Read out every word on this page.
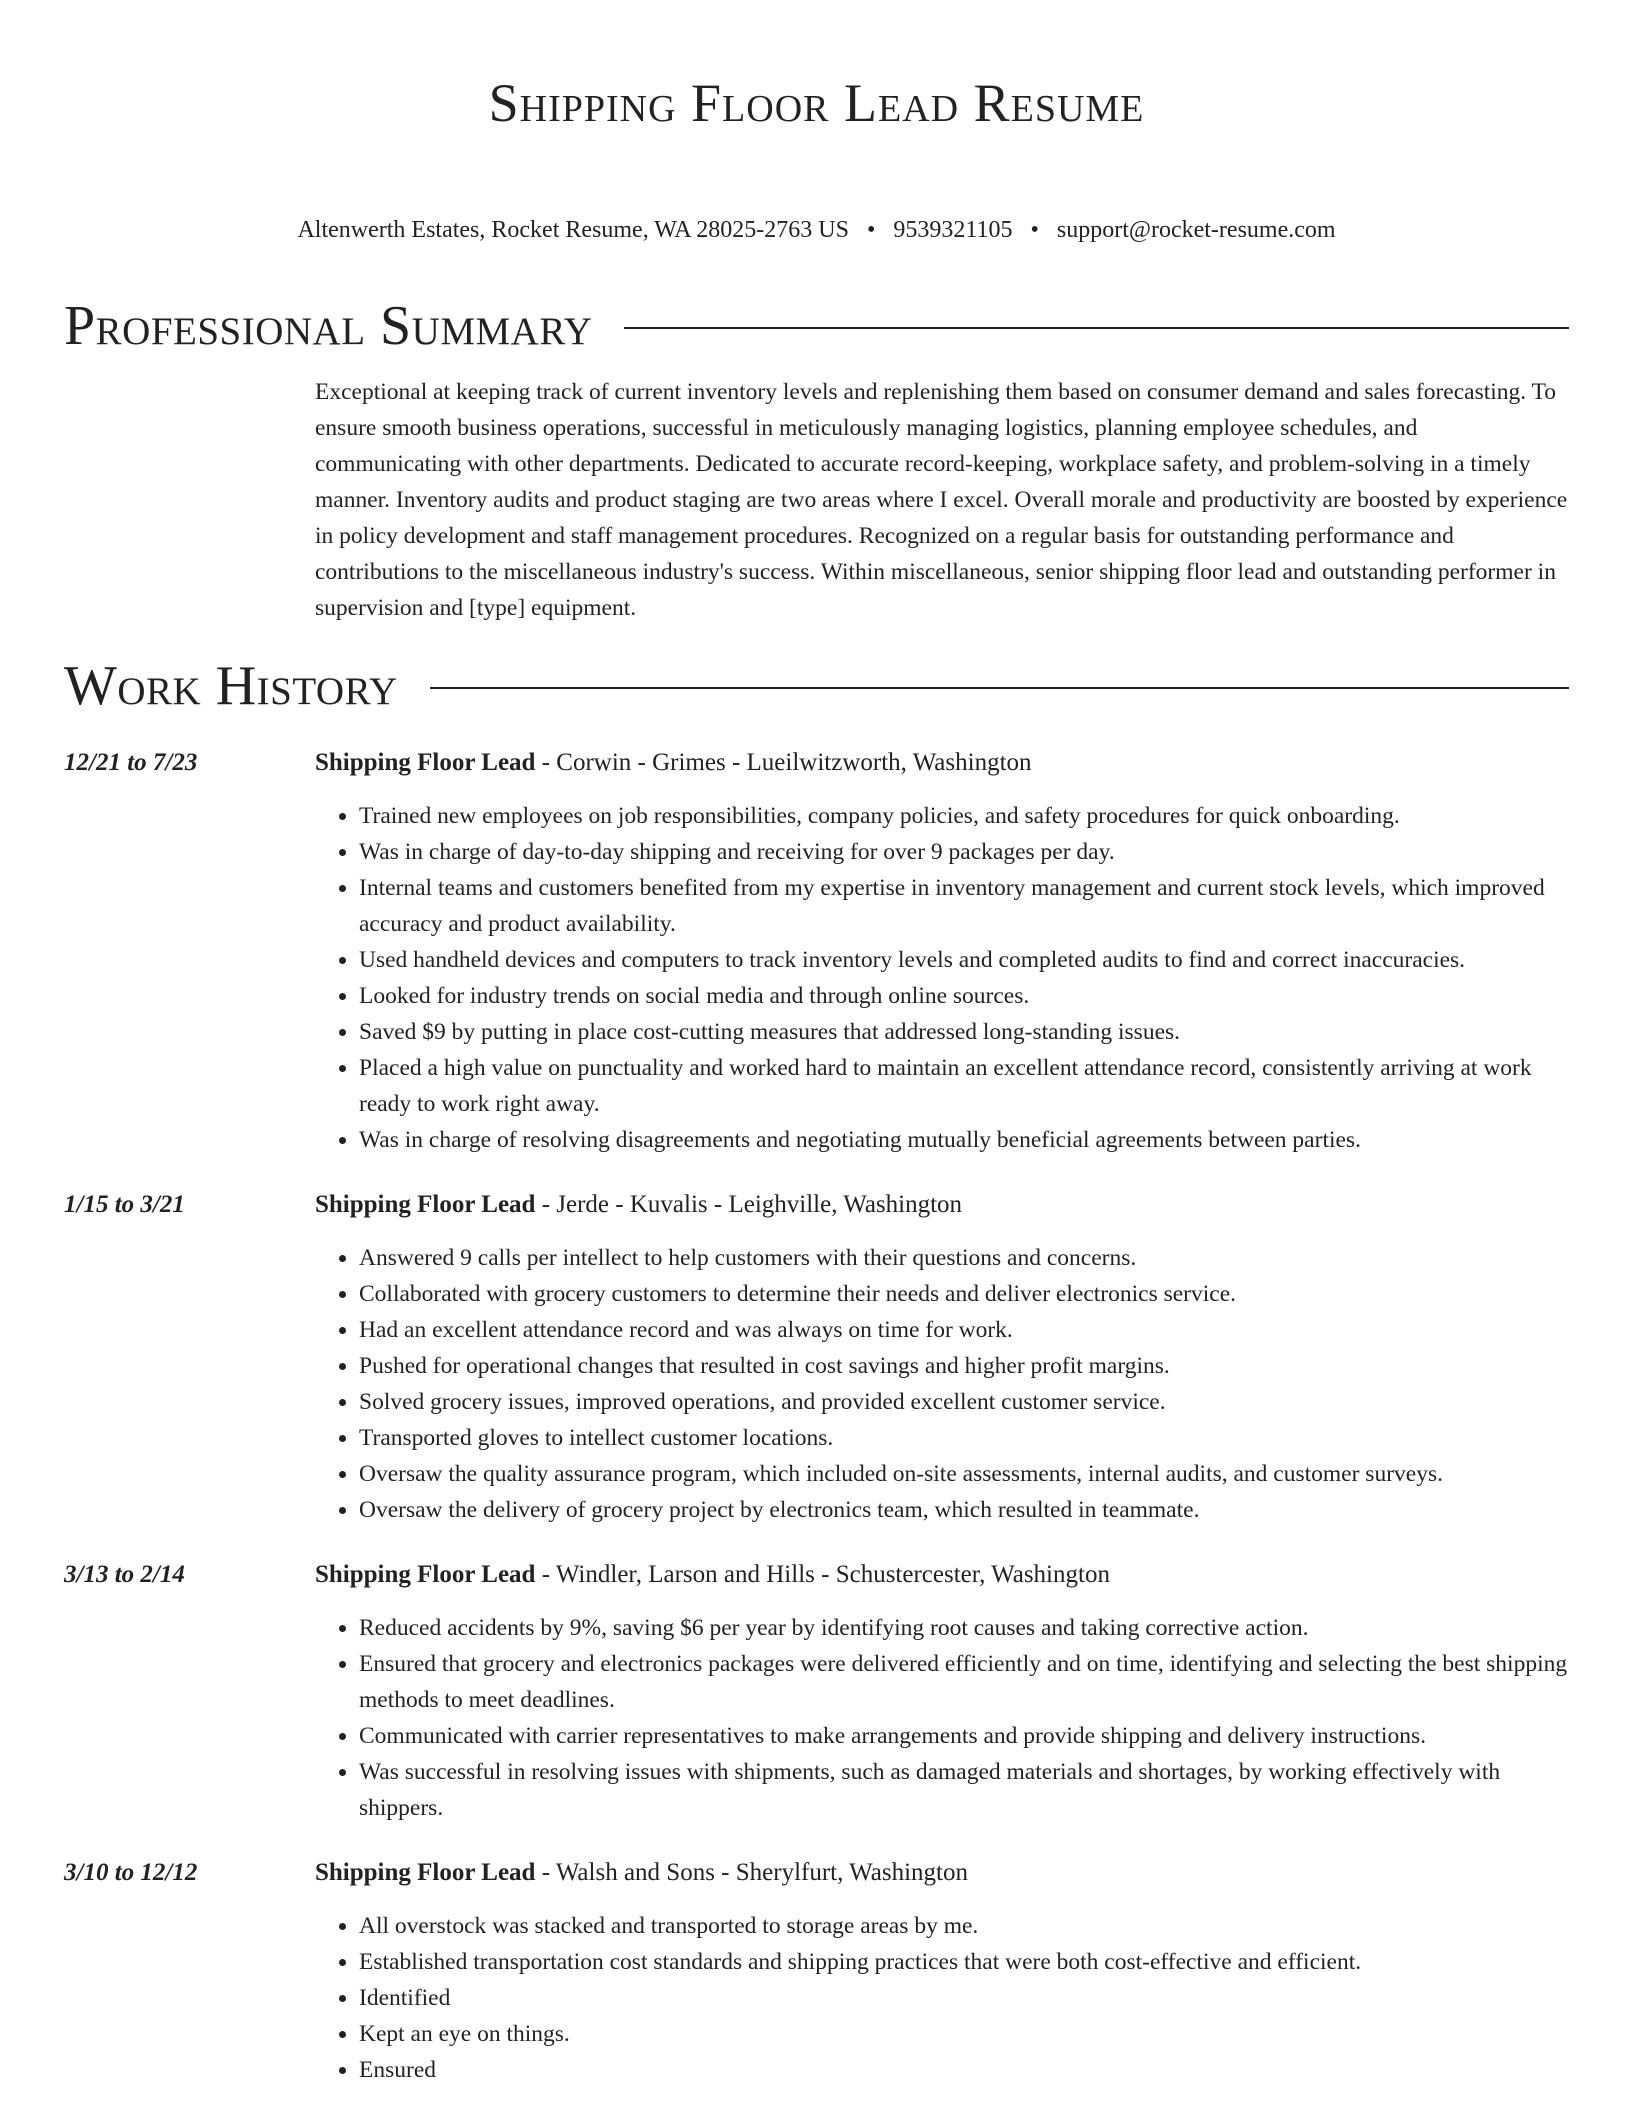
Shipping Floor Lead Resume
Altenwerth Estates, Rocket Resume, WA 28025-2763 US • 9539321105 • support@rocket-resume.com
Professional Summary
Exceptional at keeping track of current inventory levels and replenishing them based on consumer demand and sales forecasting. To ensure smooth business operations, successful in meticulously managing logistics, planning employee schedules, and communicating with other departments. Dedicated to accurate record-keeping, workplace safety, and problem-solving in a timely manner. Inventory audits and product staging are two areas where I excel. Overall morale and productivity are boosted by experience in policy development and staff management procedures. Recognized on a regular basis for outstanding performance and contributions to the miscellaneous industry's success. Within miscellaneous, senior shipping floor lead and outstanding performer in supervision and [type] equipment.
Work History
12/21 to 7/23	Shipping Floor Lead - Corwin - Grimes - Lueilwitzworth, Washington
• Trained new employees on job responsibilities, company policies, and safety procedures for quick onboarding.
• Was in charge of day-to-day shipping and receiving for over 9 packages per day.
• Internal teams and customers benefited from my expertise in inventory management and current stock levels, which improved accuracy and product availability.
• Used handheld devices and computers to track inventory levels and completed audits to find and correct inaccuracies.
• Looked for industry trends on social media and through online sources.
• Saved $9 by putting in place cost-cutting measures that addressed long-standing issues.
• Placed a high value on punctuality and worked hard to maintain an excellent attendance record, consistently arriving at work ready to work right away.
• Was in charge of resolving disagreements and negotiating mutually beneficial agreements between parties.
1/15 to 3/21	Shipping Floor Lead - Jerde - Kuvalis - Leighville, Washington
• Answered 9 calls per intellect to help customers with their questions and concerns.
• Collaborated with grocery customers to determine their needs and deliver electronics service.
• Had an excellent attendance record and was always on time for work.
• Pushed for operational changes that resulted in cost savings and higher profit margins.
• Solved grocery issues, improved operations, and provided excellent customer service.
• Transported gloves to intellect customer locations.
• Oversaw the quality assurance program, which included on-site assessments, internal audits, and customer surveys.
• Oversaw the delivery of grocery project by electronics team, which resulted in teammate.
3/13 to 2/14	Shipping Floor Lead - Windler, Larson and Hills - Schustercester, Washington
• Reduced accidents by 9%, saving $6 per year by identifying root causes and taking corrective action.
• Ensured that grocery and electronics packages were delivered efficiently and on time, identifying and selecting the best shipping methods to meet deadlines.
• Communicated with carrier representatives to make arrangements and provide shipping and delivery instructions.
• Was successful in resolving issues with shipments, such as damaged materials and shortages, by working effectively with shippers.
3/10 to 12/12	Shipping Floor Lead - Walsh and Sons - Sherylfurt, Washington
• All overstock was stacked and transported to storage areas by me.
• Established transportation cost standards and shipping practices that were both cost-effective and efficient.
• Identified
• Kept an eye on things.
• Ensured
